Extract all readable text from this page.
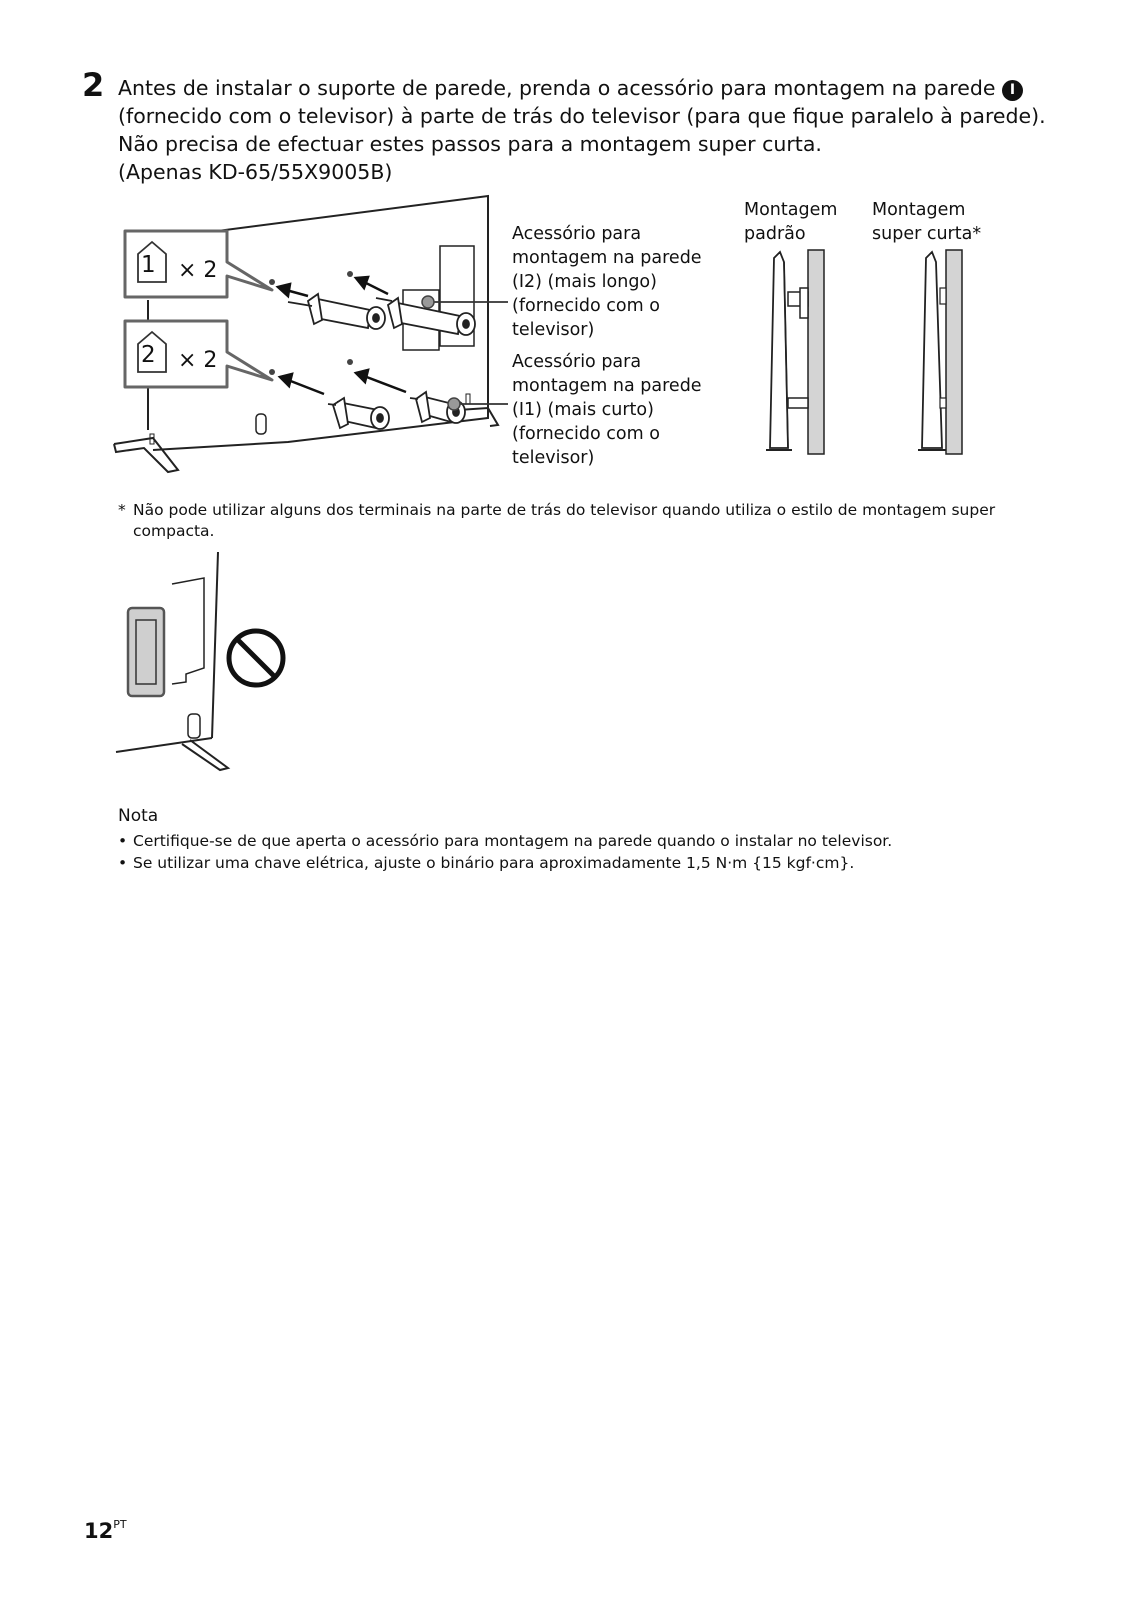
2 Antes de instalar o suporte de parede, prenda o acessório para montagem na parede I
(fornecido com o televisor) à parte de trás do televisor (para que fique paralelo à parede).
Não precisa de efectuar estes passos para a montagem super curta.
(Apenas KD-65/55X9005B)
1 × 2
2 × 2
Acessório para
montagem na parede
(I2) (mais longo)
(fornecido com o
televisor)
Acessório para
montagem na parede
(I1) (mais curto)
(fornecido com o
televisor)
Montagem
padrão
Montagem
super curta*
* Não pode utilizar alguns dos terminais na parte de trás do televisor quando utiliza o estilo de montagem super compacta.
Nota
• Certifique-se de que aperta o acessório para montagem na parede quando o instalar no televisor.
• Se utilizar uma chave elétrica, ajuste o binário para aproximadamente 1,5 N·m {15 kgf·cm}.
$12^{PT}$
